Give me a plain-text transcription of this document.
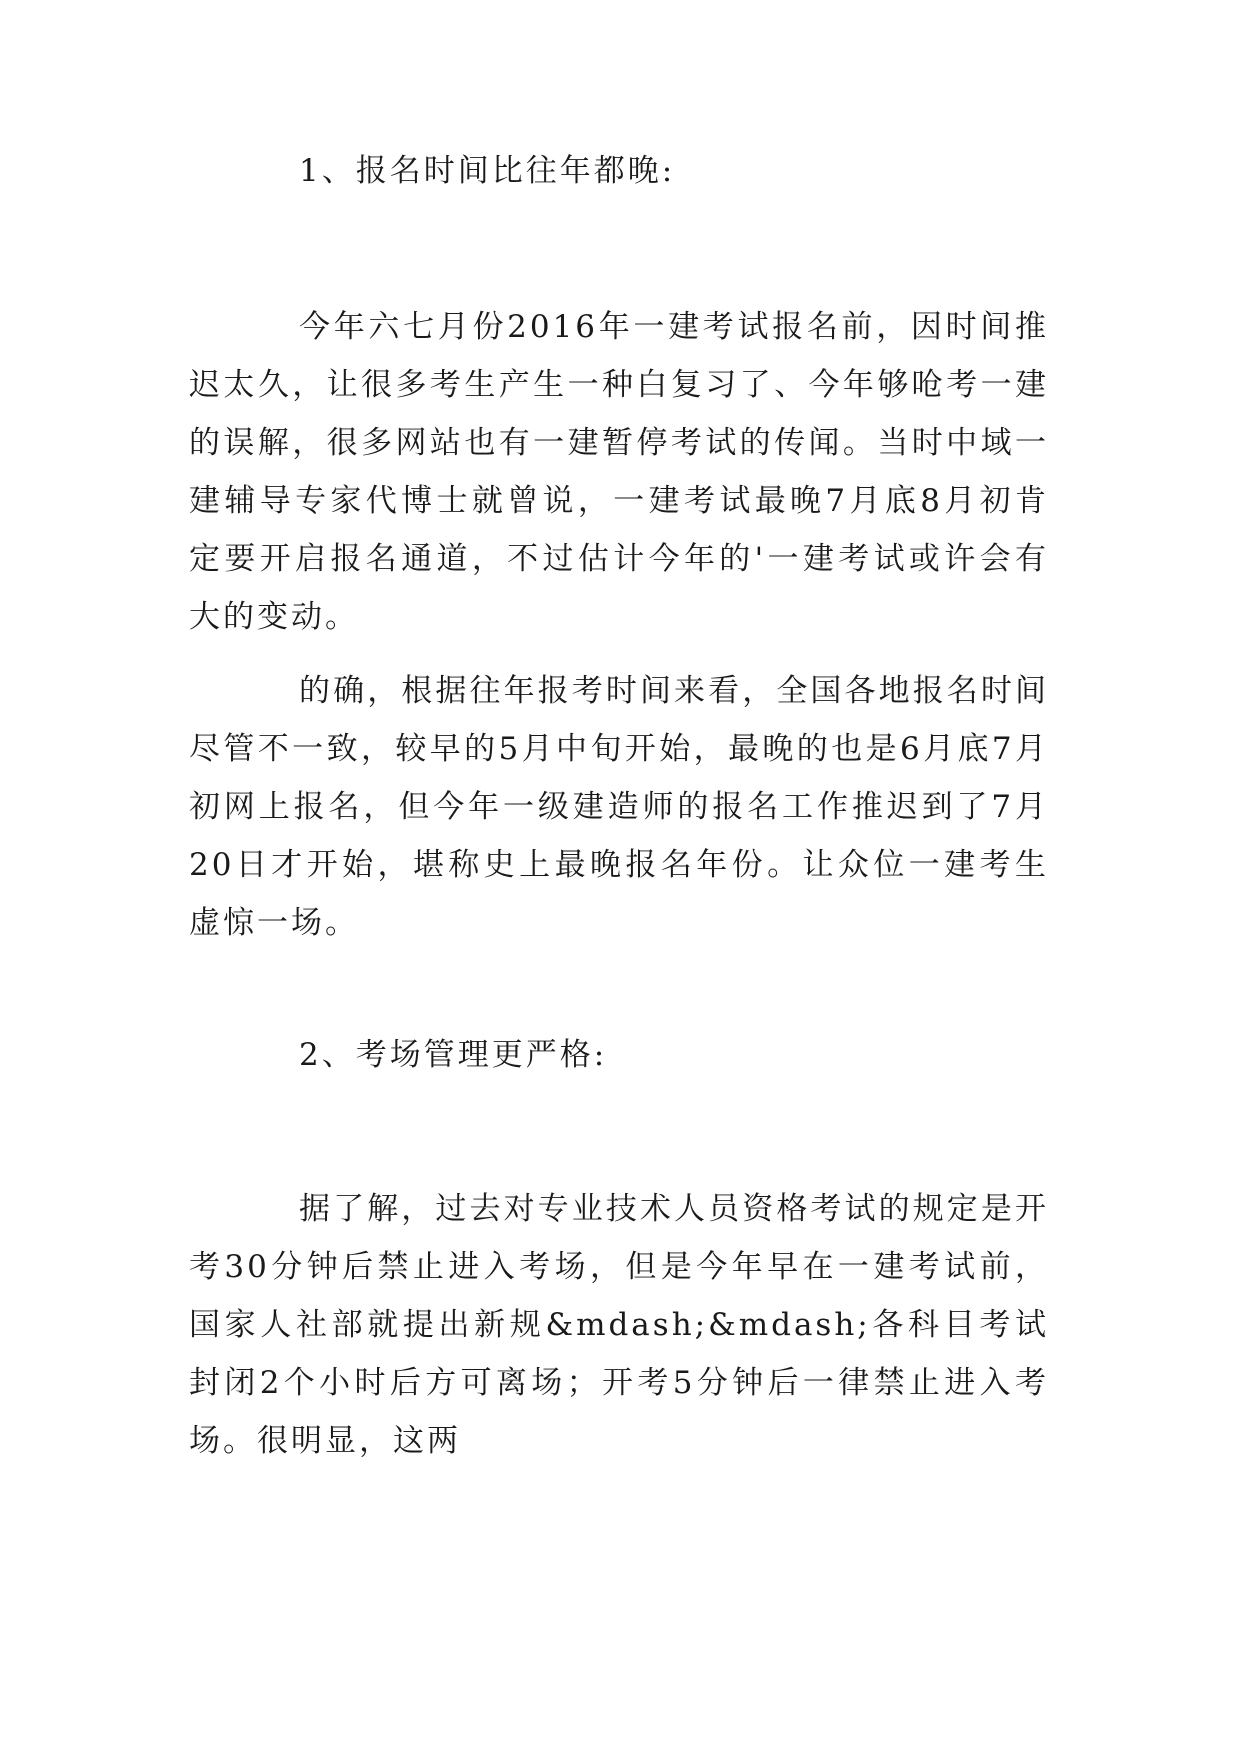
1、报名时间比往年都晚:

今年六七月份2016年一建考试报名前，因时间推迟太久，让很多考生产生一种白复习了、今年够呛考一建的误解，很多网站也有一建暂停考试的传闻。当时中域一建辅导专家代博士就曾说，一建考试最晚7月底8月初肯定要开启报名通道，不过估计今年的'一建考试或许会有大的变动。

的确，根据往年报考时间来看，全国各地报名时间尽管不一致，较早的5月中旬开始，最晚的也是6月底7月初网上报名，但今年一级建造师的报名工作推迟到了7月20日才开始，堪称史上最晚报名年份。让众位一建考生虚惊一场。

2、考场管理更严格:

据了解，过去对专业技术人员资格考试的规定是开考30分钟后禁止进入考场，但是今年早在一建考试前，国家人社部就提出新规&mdash;&mdash;各科目考试封闭2个小时后方可离场；开考5分钟后一律禁止进入考场。很明显，这两
